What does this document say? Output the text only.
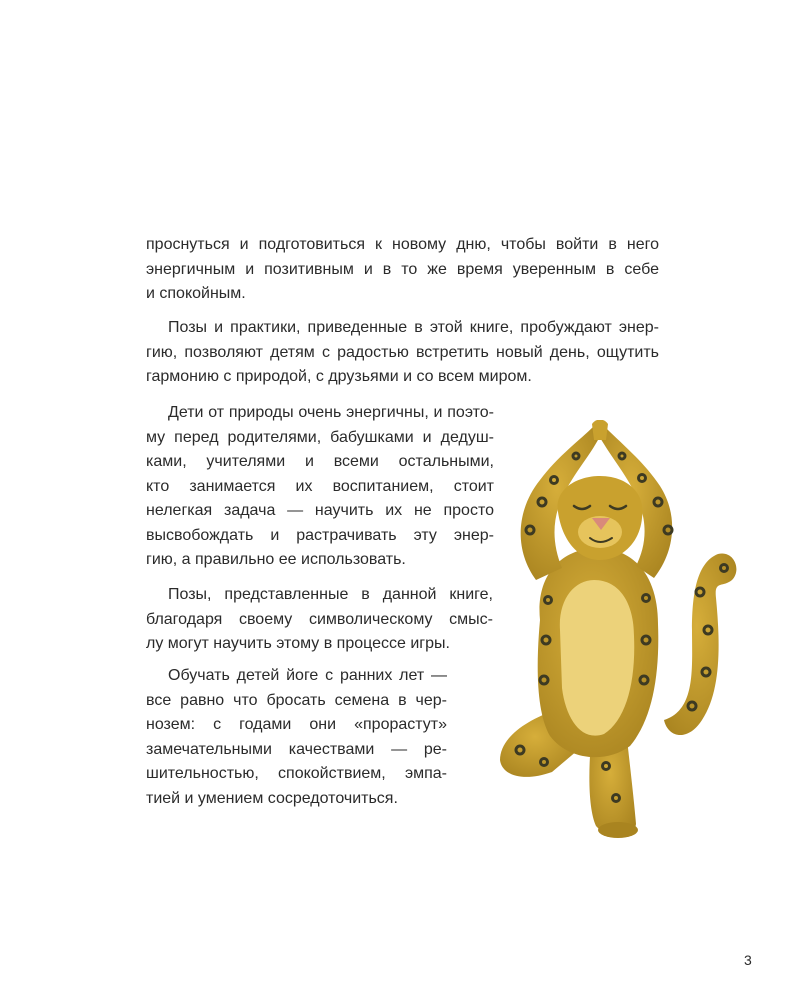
проснуться и подготовиться к новому дню, чтобы войти в него
энергичным и позитивным и в то же время уверенным в себе
и спокойным.
Позы и практики, приведенные в этой книге, пробуждают энер-
гию, позволяют детям с радостью встретить новый день, ощутить
гармонию с природой, с друзьями и со всем миром.
Дети от природы очень энергичны, и поэто-
му перед родителями, бабушками и дедуш-
ками, учителями и всеми остальными,
кто занимается их воспитанием, стоит
нелегкая задача — научить их не просто
высвобождать и растрачивать эту энер-
гию, а правильно ее использовать.
Позы, представленные в данной книге,
благодаря своему символическому смыс-
лу могут научить этому в процессе игры.
Обучать детей йоге с ранних лет —
все равно что бросать семена в чер-
нозем: с годами они «прорастут»
замечательными качествами — ре-
шительностью, спокойствием, эмпа-
тией и умением сосредоточиться.
3
